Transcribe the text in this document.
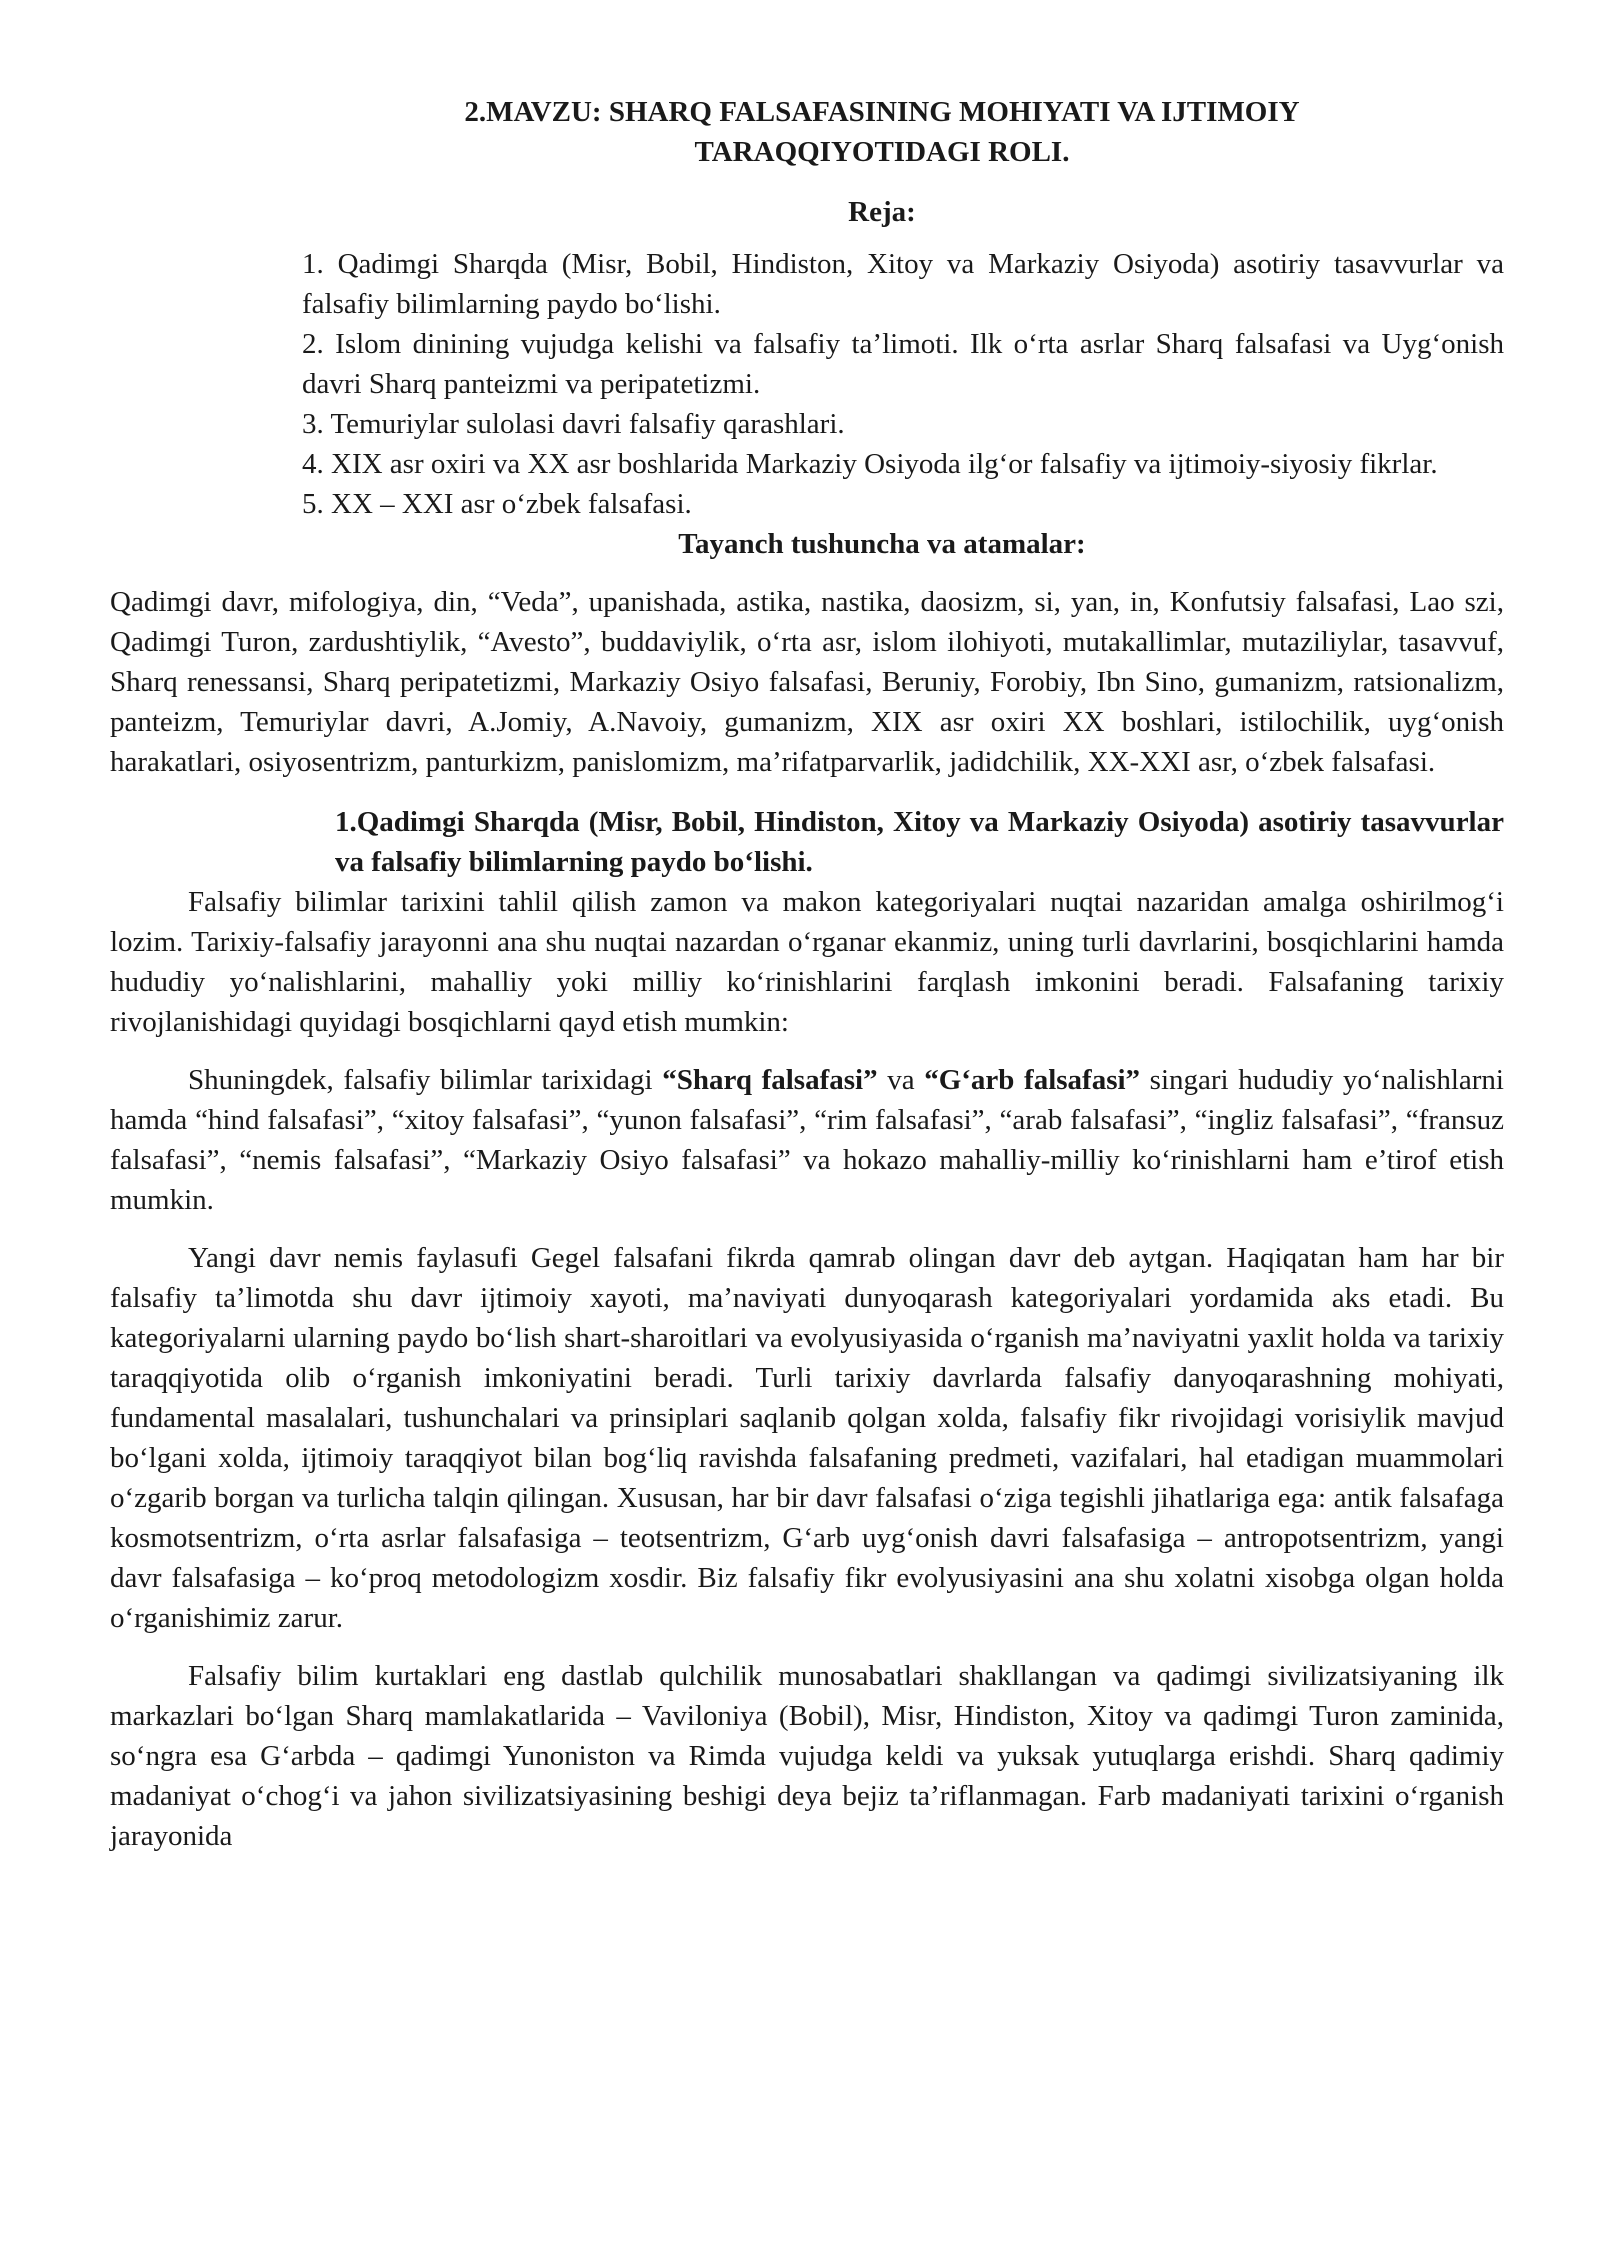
2.MAVZU: SHARQ FALSAFASINING MOHIYATI VA IJTIMOIY
TARAQQIYOTIDAGI ROLI.
Reja:

1. Qadimgi Sharqda (Misr, Bobil, Hindiston, Xitoy va Markaziy Osiyoda) asotiriy tasavvurlar va falsafiy bilimlarning paydo bo‘lishi.

2. Islom dinining vujudga kelishi va falsafiy ta’limoti. Ilk o‘rta asrlar Sharq falsafasi va Uyg‘onish davri Sharq panteizmi va peripatetizmi.

3. Temuriylar sulolasi davri falsafiy qarashlari.

4. XIX asr oxiri va XX asr boshlarida Markaziy Osiyoda ilg‘or falsafiy va ijtimoiy-siyosiy fikrlar.

5. XX – XXI asr o‘zbek falsafasi.

Tayanch tushuncha va atamalar:

Qadimgi davr, mifologiya, din, “Veda”, upanishada, astika, nastika, daosizm, si, yan, in, Konfutsiy falsafasi, Lao szi, Qadimgi Turon, zardushtiylik, “Avesto”, buddaviylik, o‘rta asr, islom ilohiyoti, mutakallimlar, mutaziliylar, tasavvuf, Sharq renessansi, Sharq peripatetizmi, Markaziy Osiyo falsafasi, Beruniy, Forobiy, Ibn Sino, gumanizm, ratsionalizm, panteizm, Temuriylar davri, A.Jomiy, A.Navoiy, gumanizm, XIX asr oxiri XX boshlari, istilochilik, uyg‘onish harakatlari, osiyosentrizm, panturkizm, panislomizm, ma’rifatparvarlik, jadidchilik, XX-XXI asr, o‘zbek falsafasi.

1.Qadimgi Sharqda (Misr, Bobil, Hindiston, Xitoy va Markaziy Osiyoda) asotiriy tasavvurlar va falsafiy bilimlarning paydo bo‘lishi.

Falsafiy bilimlar tarixini tahlil qilish zamon va makon kategoriyalari nuqtai nazaridan amalga oshirilmog‘i lozim. Tarixiy-falsafiy jarayonni ana shu nuqtai nazardan o‘rganar ekanmiz, uning turli davrlarini, bosqichlarini hamda hududiy yo‘nalishlarini, mahalliy yoki milliy ko‘rinishlarini farqlash imkonini beradi. Falsafaning tarixiy rivojlanishidagi quyidagi bosqichlarni qayd etish mumkin:

Shuningdek, falsafiy bilimlar tarixidagi “Sharq falsafasi” va “G‘arb falsafasi” singari hududiy yo‘nalishlarni hamda “hind falsafasi”, “xitoy falsafasi”, “yunon falsafasi”, “rim falsafasi”, “arab falsafasi”, “ingliz falsafasi”, “fransuz falsafasi”, “nemis falsafasi”, “Markaziy Osiyo falsafasi” va hokazo mahalliy-milliy ko‘rinishlarni ham e’tirof etish mumkin.

Yangi davr nemis faylasufi Gegel falsafani fikrda qamrab olingan davr deb aytgan. Haqiqatan ham har bir falsafiy ta’limotda shu davr ijtimoiy xayoti, ma’naviyati dunyoqarash kategoriyalari yordamida aks etadi. Bu kategoriyalarni ularning paydo bo‘lish shart-sharoitlari va evolyusiyasida o‘rganish ma’naviyatni yaxlit holda va tarixiy taraqqiyotida olib o‘rganish imkoniyatini beradi. Turli tarixiy davrlarda falsafiy danyoqarashning mohiyati, fundamental masalalari, tushunchalari va prinsiplari saqlanib qolgan xolda, falsafiy fikr rivojidagi vorisiylik mavjud bo‘lgani xolda, ijtimoiy taraqqiyot bilan bog‘liq ravishda falsafaning predmeti, vazifalari, hal etadigan muammolari o‘zgarib borgan va turlicha talqin qilingan. Xususan, har bir davr falsafasi o‘ziga tegishli jihatlariga ega: antik falsafaga kosmotsentrizm, o‘rta asrlar falsafasiga – teotsentrizm, G‘arb uyg‘onish davri falsafasiga – antropotsentrizm, yangi davr falsafasiga – ko‘proq metodologizm xosdir. Biz falsafiy fikr evolyusiyasini ana shu xolatni xisobga olgan holda o‘rganishimiz zarur.

Falsafiy bilim kurtaklari eng dastlab qulchilik munosabatlari shakllangan va qadimgi sivilizatsiyaning ilk markazlari bo‘lgan Sharq mamlakatlarida – Vaviloniya (Bobil), Misr, Hindiston, Xitoy va qadimgi Turon zaminida, so‘ngra esa G‘arbda – qadimgi Yunoniston va Rimda vujudga keldi va yuksak yutuqlarga erishdi. Sharq qadimiy madaniyat o‘chog‘i va jahon sivilizatsiyasining beshigi deya bejiz ta’riflanmagan. Farb madaniyati tarixini o‘rganish jarayonida
